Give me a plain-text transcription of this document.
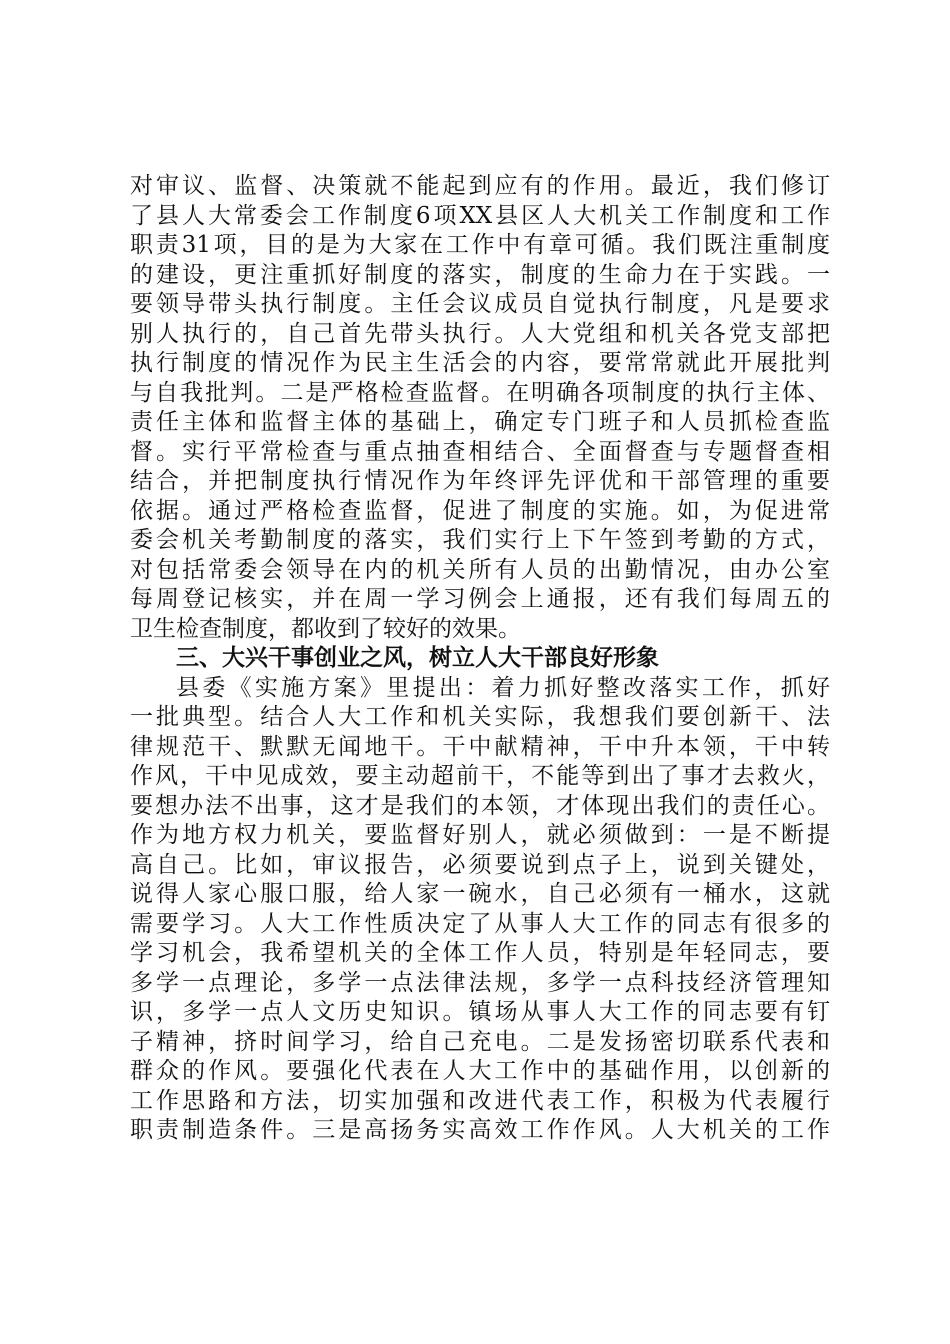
对审议、监督、决策就不能起到应有的作用。最近，我们修订
了县人大常委会工作制度6项XX县区人大机关工作制度和工作
职责31项，目的是为大家在工作中有章可循。我们既注重制度
的建设，更注重抓好制度的落实，制度的生命力在于实践。一
要领导带头执行制度。主任会议成员自觉执行制度，凡是要求
别人执行的，自己首先带头执行。人大党组和机关各党支部把
执行制度的情况作为民主生活会的内容，要常常就此开展批判
与自我批判。二是严格检查监督。在明确各项制度的执行主体、
责任主体和监督主体的基础上，确定专门班子和人员抓检查监
督。实行平常检查与重点抽查相结合、全面督查与专题督查相
结合，并把制度执行情况作为年终评先评优和干部管理的重要
依据。通过严格检查监督，促进了制度的实施。如，为促进常
委会机关考勤制度的落实，我们实行上下午签到考勤的方式，
对包括常委会领导在内的机关所有人员的出勤情况，由办公室
每周登记核实，并在周一学习例会上通报，还有我们每周五的
卫生检查制度，都收到了较好的效果。
三、大兴干事创业之风，树立人大干部良好形象
县委《实施方案》里提出：着力抓好整改落实工作，抓好
一批典型。结合人大工作和机关实际，我想我们要创新干、法
律规范干、默默无闻地干。干中献精神，干中升本领，干中转
作风，干中见成效，要主动超前干，不能等到出了事才去救火，
要想办法不出事，这才是我们的本领，才体现出我们的责任心。
作为地方权力机关，要监督好别人，就必须做到：一是不断提
高自己。比如，审议报告，必须要说到点子上，说到关键处，
说得人家心服口服，给人家一碗水，自己必须有一桶水，这就
需要学习。人大工作性质决定了从事人大工作的同志有很多的
学习机会，我希望机关的全体工作人员，特别是年轻同志，要
多学一点理论，多学一点法律法规，多学一点科技经济管理知
识，多学一点人文历史知识。镇场从事人大工作的同志要有钉
子精神，挤时间学习，给自己充电。二是发扬密切联系代表和
群众的作风。要强化代表在人大工作中的基础作用，以创新的
工作思路和方法，切实加强和改进代表工作，积极为代表履行
职责制造条件。三是高扬务实高效工作作风。人大机关的工作
